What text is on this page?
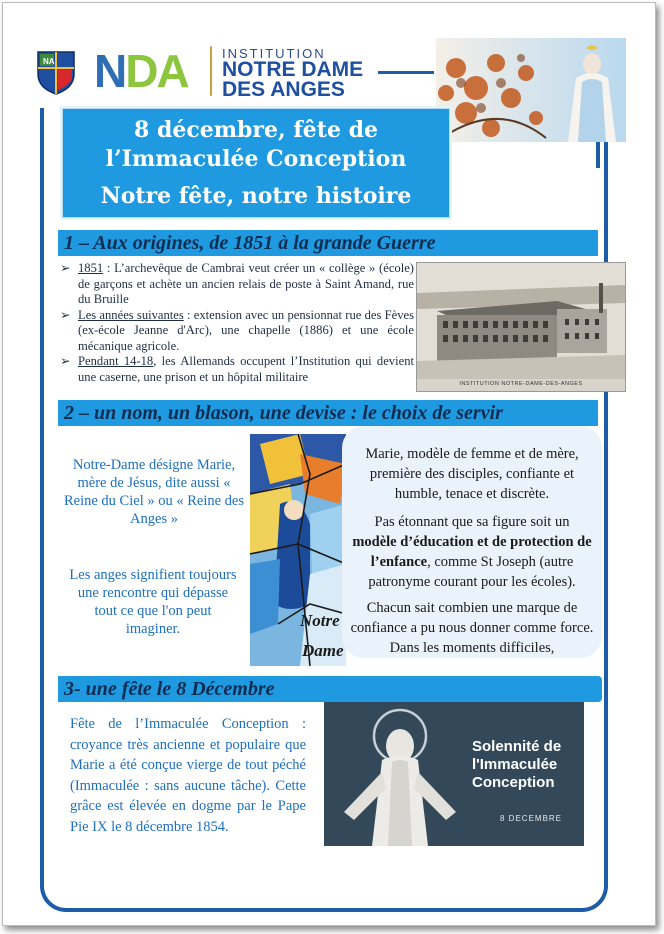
NA NDA	INSTITUTION
NOTRE DAME
DES ANGES
8 décembre, fête de
l’Immaculée Conception
Notre fête, notre histoire
1 – Aux origines, de 1851 à la grande Guerre
➢ 1851 : L’archevêque de Cambrai veut créer un « collège » (école) de garçons et achète un ancien relais de poste à Saint Amand, rue du Bruille
➢ Les années suivantes : extension avec un pensionnat rue des Fèves (ex-école Jeanne d'Arc), une chapelle (1886) et une école mécanique agricole.
➢ Pendant 14-18, les Allemands occupent l’Institution qui devient une caserne, une prison et un hôpital militaire
INSTITUTION NOTRE-DAME-DES-ANGES
2 – un nom, un blason, une devise : le choix de servir
Notre-Dame désigne Marie, mère de Jésus, dite aussi « Reine du Ciel » ou « Reine des Anges »
Les anges signifient toujours une rencontre qui dépasse tout ce que l'on peut imaginer.	Notre
Dame
Marie, modèle de femme et de mère, première des disciples, confiante et humble, tenace et discrète.
Pas étonnant que sa figure soit un modèle d’éducation et de protection de l’enfance, comme St Joseph (autre patronyme courant pour les écoles).
Chacun sait combien une marque de confiance a pu nous donner comme force. Dans les moments difficiles,
3- une fête le 8 Décembre
Fête de l’Immaculée Conception : croyance très ancienne et populaire que Marie a été conçue vierge de tout péché (Immaculée : sans aucune tâche). Cette grâce est élevée en dogme par le Pape Pie IX le 8 décembre 1854.
Solennité de
l'Immaculée
Conception
8 DECEMBRE
